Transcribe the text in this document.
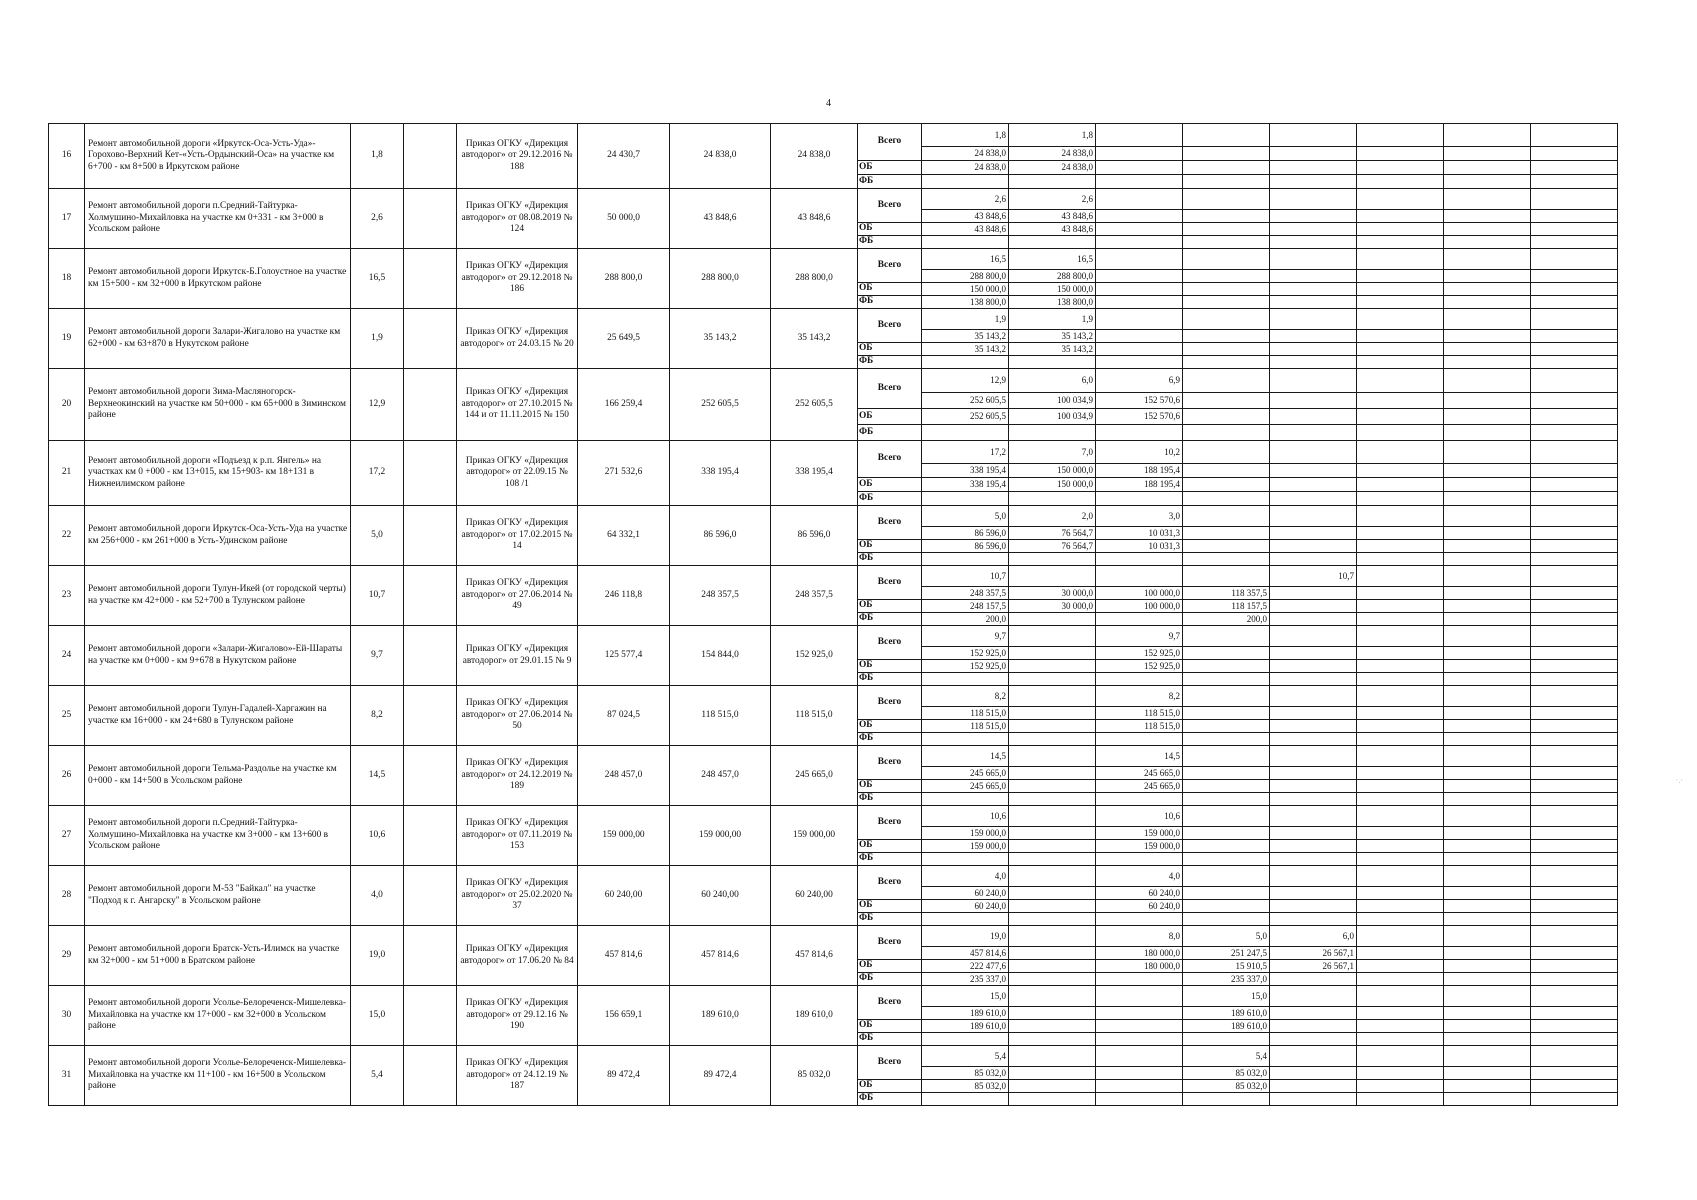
4
16	Ремонт автомобильной дороги «Иркутск-Оса-Усть-Уда»-Горохово-Верхний Кет-«Усть-Ордынский-Оса» на участке км 6+700 - км 8+500 в Иркутском районе	1,8		Приказ ОГКУ «Дирекция автодорог» от 29.12.2016 № 188	24 430,7	24 838,0	24 838,0	Всего	1,8	1,8						
									24 838,0	24 838,0						
								ОБ	24 838,0	24 838,0						
								ФБ								
17	Ремонт автомобильной дороги п.Средний-Тайтурка-Холмушино-Михайловка на участке км 0+331 - км 3+000 в Усольском районе	2,6		Приказ ОГКУ «Дирекция автодорог» от 08.08.2019 № 124	50 000,0	43 848,6	43 848,6	Всего	2,6	2,6						
									43 848,6	43 848,6						
								ОБ	43 848,6	43 848,6						
								ФБ								
18	Ремонт автомобильной дороги Иркутск-Б.Голоустное на участке км 15+500 - км 32+000 в Иркутском районе	16,5		Приказ ОГКУ «Дирекция автодорог» от 29.12.2018 № 186	288 800,0	288 800,0	288 800,0	Всего	16,5	16,5						
									288 800,0	288 800,0						
								ОБ	150 000,0	150 000,0						
								ФБ	138 800,0	138 800,0						
19	Ремонт автомобильной дороги Залари-Жигалово на участке км 62+000 - км 63+870 в Нукутском районе	1,9		Приказ ОГКУ «Дирекция автодорог» от 24.03.15 № 20	25 649,5	35 143,2	35 143,2	Всего	1,9	1,9						
									35 143,2	35 143,2						
								ОБ	35 143,2	35 143,2						
								ФБ								
20	Ремонт автомобильной дороги Зима-Масляногорск-Верхнеокинский на участке км 50+000 - км 65+000 в Зиминском районе	12,9		Приказ ОГКУ «Дирекция автодорог» от 27.10.2015 № 144 и от 11.11.2015 № 150	166 259,4	252 605,5	252 605,5	Всего	12,9	6,0	6,9					
									252 605,5	100 034,9	152 570,6					
								ОБ	252 605,5	100 034,9	152 570,6					
								ФБ								
21	Ремонт автомобильной дороги «Подъезд к р.п. Янгель» на участках км 0 +000 - км 13+015, км 15+903- км 18+131 в Нижнеилимском районе	17,2		Приказ ОГКУ «Дирекция автодорог» от 22.09.15 № 108 /1	271 532,6	338 195,4	338 195,4	Всего	17,2	7,0	10,2					
									338 195,4	150 000,0	188 195,4					
								ОБ	338 195,4	150 000,0	188 195,4					
								ФБ								
22	Ремонт автомобильной дороги Иркутск-Оса-Усть-Уда на участке км 256+000 - км 261+000 в Усть-Удинском районе	5,0		Приказ ОГКУ «Дирекция автодорог» от 17.02.2015 № 14	64 332,1	86 596,0	86 596,0	Всего	5,0	2,0	3,0					
									86 596,0	76 564,7	10 031,3					
								ОБ	86 596,0	76 564,7	10 031,3					
								ФБ								
23	Ремонт автомобильной дороги Тулун-Икей (от городской черты) на участке км 42+000 - км 52+700 в Тулунском районе	10,7		Приказ ОГКУ «Дирекция автодорог» от 27.06.2014 № 49	246 118,8	248 357,5	248 357,5	Всего	10,7				10,7			
									248 357,5	30 000,0	100 000,0	118 357,5				
								ОБ	248 157,5	30 000,0	100 000,0	118 157,5				
								ФБ	200,0			200,0				
24	Ремонт автомобильной дороги «Залари-Жигалово»-Ей-Шараты на участке км 0+000 - км 9+678 в Нукутском районе	9,7		Приказ ОГКУ «Дирекция автодорог» от 29.01.15 № 9	125 577,4	154 844,0	152 925,0	Всего	9,7		9,7					
									152 925,0		152 925,0					
								ОБ	152 925,0		152 925,0					
								ФБ								
25	Ремонт автомобильной дороги Тулун-Гадалей-Харгажин на участке км 16+000 - км 24+680 в Тулунском районе	8,2		Приказ ОГКУ «Дирекция автодорог» от 27.06.2014 № 50	87 024,5	118 515,0	118 515,0	Всего	8,2		8,2					
									118 515,0		118 515,0					
								ОБ	118 515,0		118 515,0					
								ФБ								
26	Ремонт автомобильной дороги Тельма-Раздолье на участке км 0+000 - км 14+500 в Усольском районе	14,5		Приказ ОГКУ «Дирекция автодорог» от 24.12.2019 № 189	248 457,0	248 457,0	245 665,0	Всего	14,5		14,5					
									245 665,0		245 665,0					
								ОБ	245 665,0		245 665,0					
								ФБ								
27	Ремонт автомобильной дороги п.Средний-Тайтурка-Холмушино-Михайловка на участке км 3+000 - км 13+600 в Усольском районе	10,6		Приказ ОГКУ «Дирекция автодорог» от 07.11.2019 № 153	159 000,00	159 000,00	159 000,00	Всего	10,6		10,6					
									159 000,0		159 000,0					
								ОБ	159 000,0		159 000,0					
								ФБ								
28	Ремонт автомобильной дороги М-53 "Байкал" на участке "Подход к г. Ангарску" в Усольском районе	4,0		Приказ ОГКУ «Дирекция автодорог» от 25.02.2020 № 37	60 240,00	60 240,00	60 240,00	Всего	4,0		4,0					
									60 240,0		60 240,0					
								ОБ	60 240,0		60 240,0					
								ФБ								
29	Ремонт автомобильной дороги Братск-Усть-Илимск на участке км 32+000 - км 51+000 в Братском районе	19,0		Приказ ОГКУ «Дирекция автодорог» от 17.06.20 № 84	457 814,6	457 814,6	457 814,6	Всего	19,0		8,0	5,0	6,0			
									457 814,6		180 000,0	251 247,5	26 567,1			
								ОБ	222 477,6		180 000,0	15 910,5	26 567,1			
								ФБ	235 337,0			235 337,0				
30	Ремонт автомобильной дороги Усолье-Белореченск-Мишелевка-Михайловка на участке км 17+000 - км 32+000 в Усольском районе	15,0		Приказ ОГКУ «Дирекция автодорог» от 29.12.16 № 190	156 659,1	189 610,0	189 610,0	Всего	15,0			15,0				
									189 610,0			189 610,0				
								ОБ	189 610,0			189 610,0				
								ФБ								
31	Ремонт автомобильной дороги Усолье-Белореченск-Мишелевка-Михайловка на участке км 11+100 - км 16+500 в Усольском районе	5,4		Приказ ОГКУ «Дирекция автодорог» от 24.12.19 № 187	89 472,4	89 472,4	85 032,0	Всего	5,4			5,4				
									85 032,0			85 032,0				
								ОБ	85 032,0			85 032,0				
								ФБ								
·.·
